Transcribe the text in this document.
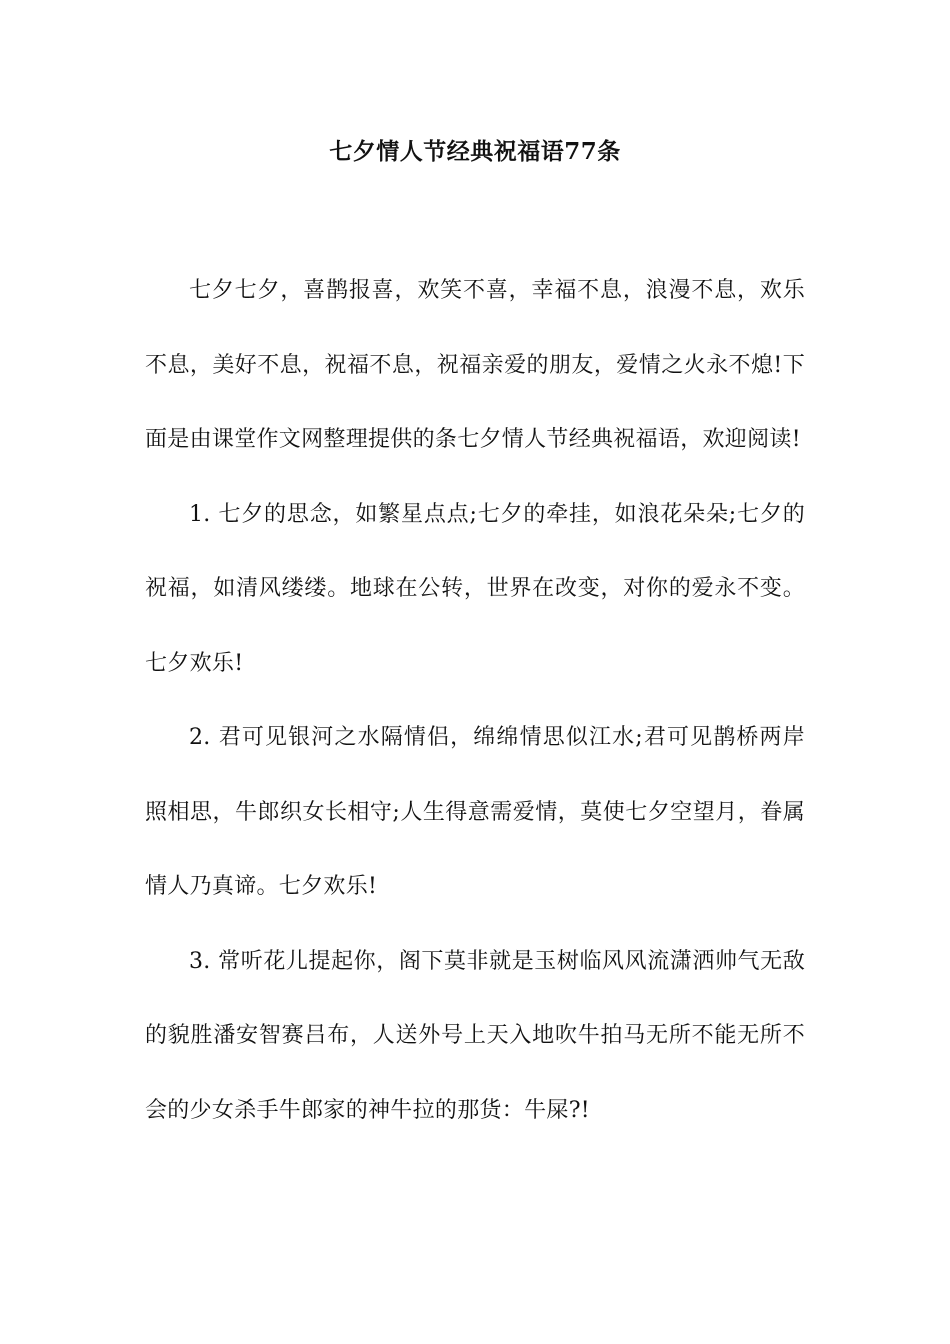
七夕情人节经典祝福语77条

七夕七夕，喜鹊报喜，欢笑不喜，幸福不息，浪漫不息，欢乐不息，美好不息，祝福不息，祝福亲爱的朋友，爱情之火永不熄!下面是由课堂作文网整理提供的条七夕情人节经典祝福语，欢迎阅读!

1. 七夕的思念，如繁星点点;七夕的牵挂，如浪花朵朵;七夕的祝福，如清风缕缕。地球在公转，世界在改变，对你的爱永不变。七夕欢乐!

2. 君可见银河之水隔情侣，绵绵情思似江水;君可见鹊桥两岸照相思，牛郎织女长相守;人生得意需爱情，莫使七夕空望月，眷属情人乃真谛。七夕欢乐!

3. 常听花儿提起你，阁下莫非就是玉树临风风流潇洒帅气无敌的貌胜潘安智赛吕布，人送外号上天入地吹牛拍马无所不能无所不会的少女杀手牛郎家的神牛拉的那货：牛屎?!
